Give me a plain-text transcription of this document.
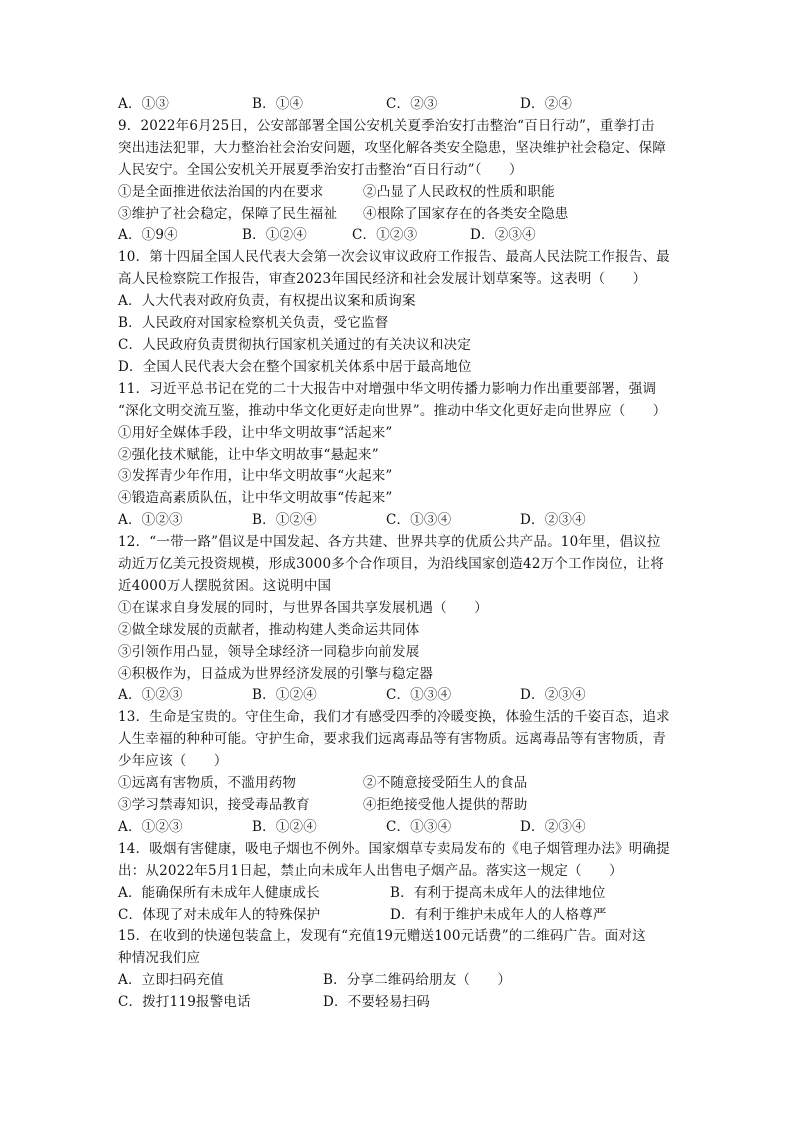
A．①③	B．①④	C．②③	D．②④
9．2022年6月25日，公安部部署全国公安机关夏季治安打击整治“百日行动”，重拳打击
突出违法犯罪，大力整治社会治安问题，攻坚化解各类安全隐患，坚决维护社会稳定、保障
人民安宁。全国公安机关开展夏季治安打击整治“百日行动”（　　）
①是全面推进依法治国的内在要求	②凸显了人民政权的性质和职能
③维护了社会稳定，保障了民生福祉	④根除了国家存在的各类安全隐患
A．①9④	B．①②④	C．①②③	D．②③④
10．第十四届全国人民代表大会第一次会议审议政府工作报告、最高人民法院工作报告、最
高人民检察院工作报告，审查2023年国民经济和社会发展计划草案等。这表明（　　）
A．人大代表对政府负责，有权提出议案和质询案
B．人民政府对国家检察机关负责，受它监督
C．人民政府负责贯彻执行国家机关通过的有关决议和决定
D．全国人民代表大会在整个国家机关体系中居于最高地位
11．习近平总书记在党的二十大报告中对增强中华文明传播力影响力作出重要部署，强调
“深化文明交流互鉴，推动中华文化更好走向世界”。推动中华文化更好走向世界应（　　）
①用好全媒体手段，让中华文明故事“活起来”
②强化技术赋能，让中华文明故事“悬起来”
③发挥青少年作用，让中华文明故事“火起来”
④锻造高素质队伍，让中华文明故事“传起来”
A．①②③	B．①②④	C．①③④	D．②③④
12．“一带一路”倡议是中国发起、各方共建、世界共享的优质公共产品。10年里，倡议拉
动近万亿美元投资规模，形成3000多个合作项目，为沿线国家创造42万个工作岗位，让将
近4000万人摆脱贫困。这说明中国
①在谋求自身发展的同时，与世界各国共享发展机遇（　　）
②做全球发展的贡献者，推动构建人类命运共同体
③引领作用凸显，领导全球经济一同稳步向前发展
④积极作为，日益成为世界经济发展的引擎与稳定器
A．①②③	B．①②④	C．①③④	D．②③④
13．生命是宝贵的。守住生命，我们才有感受四季的冷暖变换，体验生活的千姿百态，追求
人生幸福的种种可能。守护生命，要求我们远离毒品等有害物质。远离毒品等有害物质，青
少年应该（　　）
①远离有害物质，不滥用药物	②不随意接受陌生人的食品
③学习禁毒知识，接受毒品教育	④拒绝接受他人提供的帮助
A．①②③	B．①②④	C．①③④	D．②③④
14．吸烟有害健康，吸电子烟也不例外。国家烟草专卖局发布的《电子烟管理办法》明确提
出：从2022年5月1日起，禁止向未成年人出售电子烟产品。落实这一规定（　　）
A．能确保所有未成年人健康成长	B．有利于提高未成年人的法律地位
C．体现了对未成年人的特殊保护	D．有利于维护未成年人的人格尊严
15．在收到的快递包装盒上，发现有“充值19元赠送100元话费”的二维码广告。面对这
种情况我们应
A．立即扫码充值	B．分享二维码给朋友（　　）
C．拨打119报警电话	D．不要轻易扫码
